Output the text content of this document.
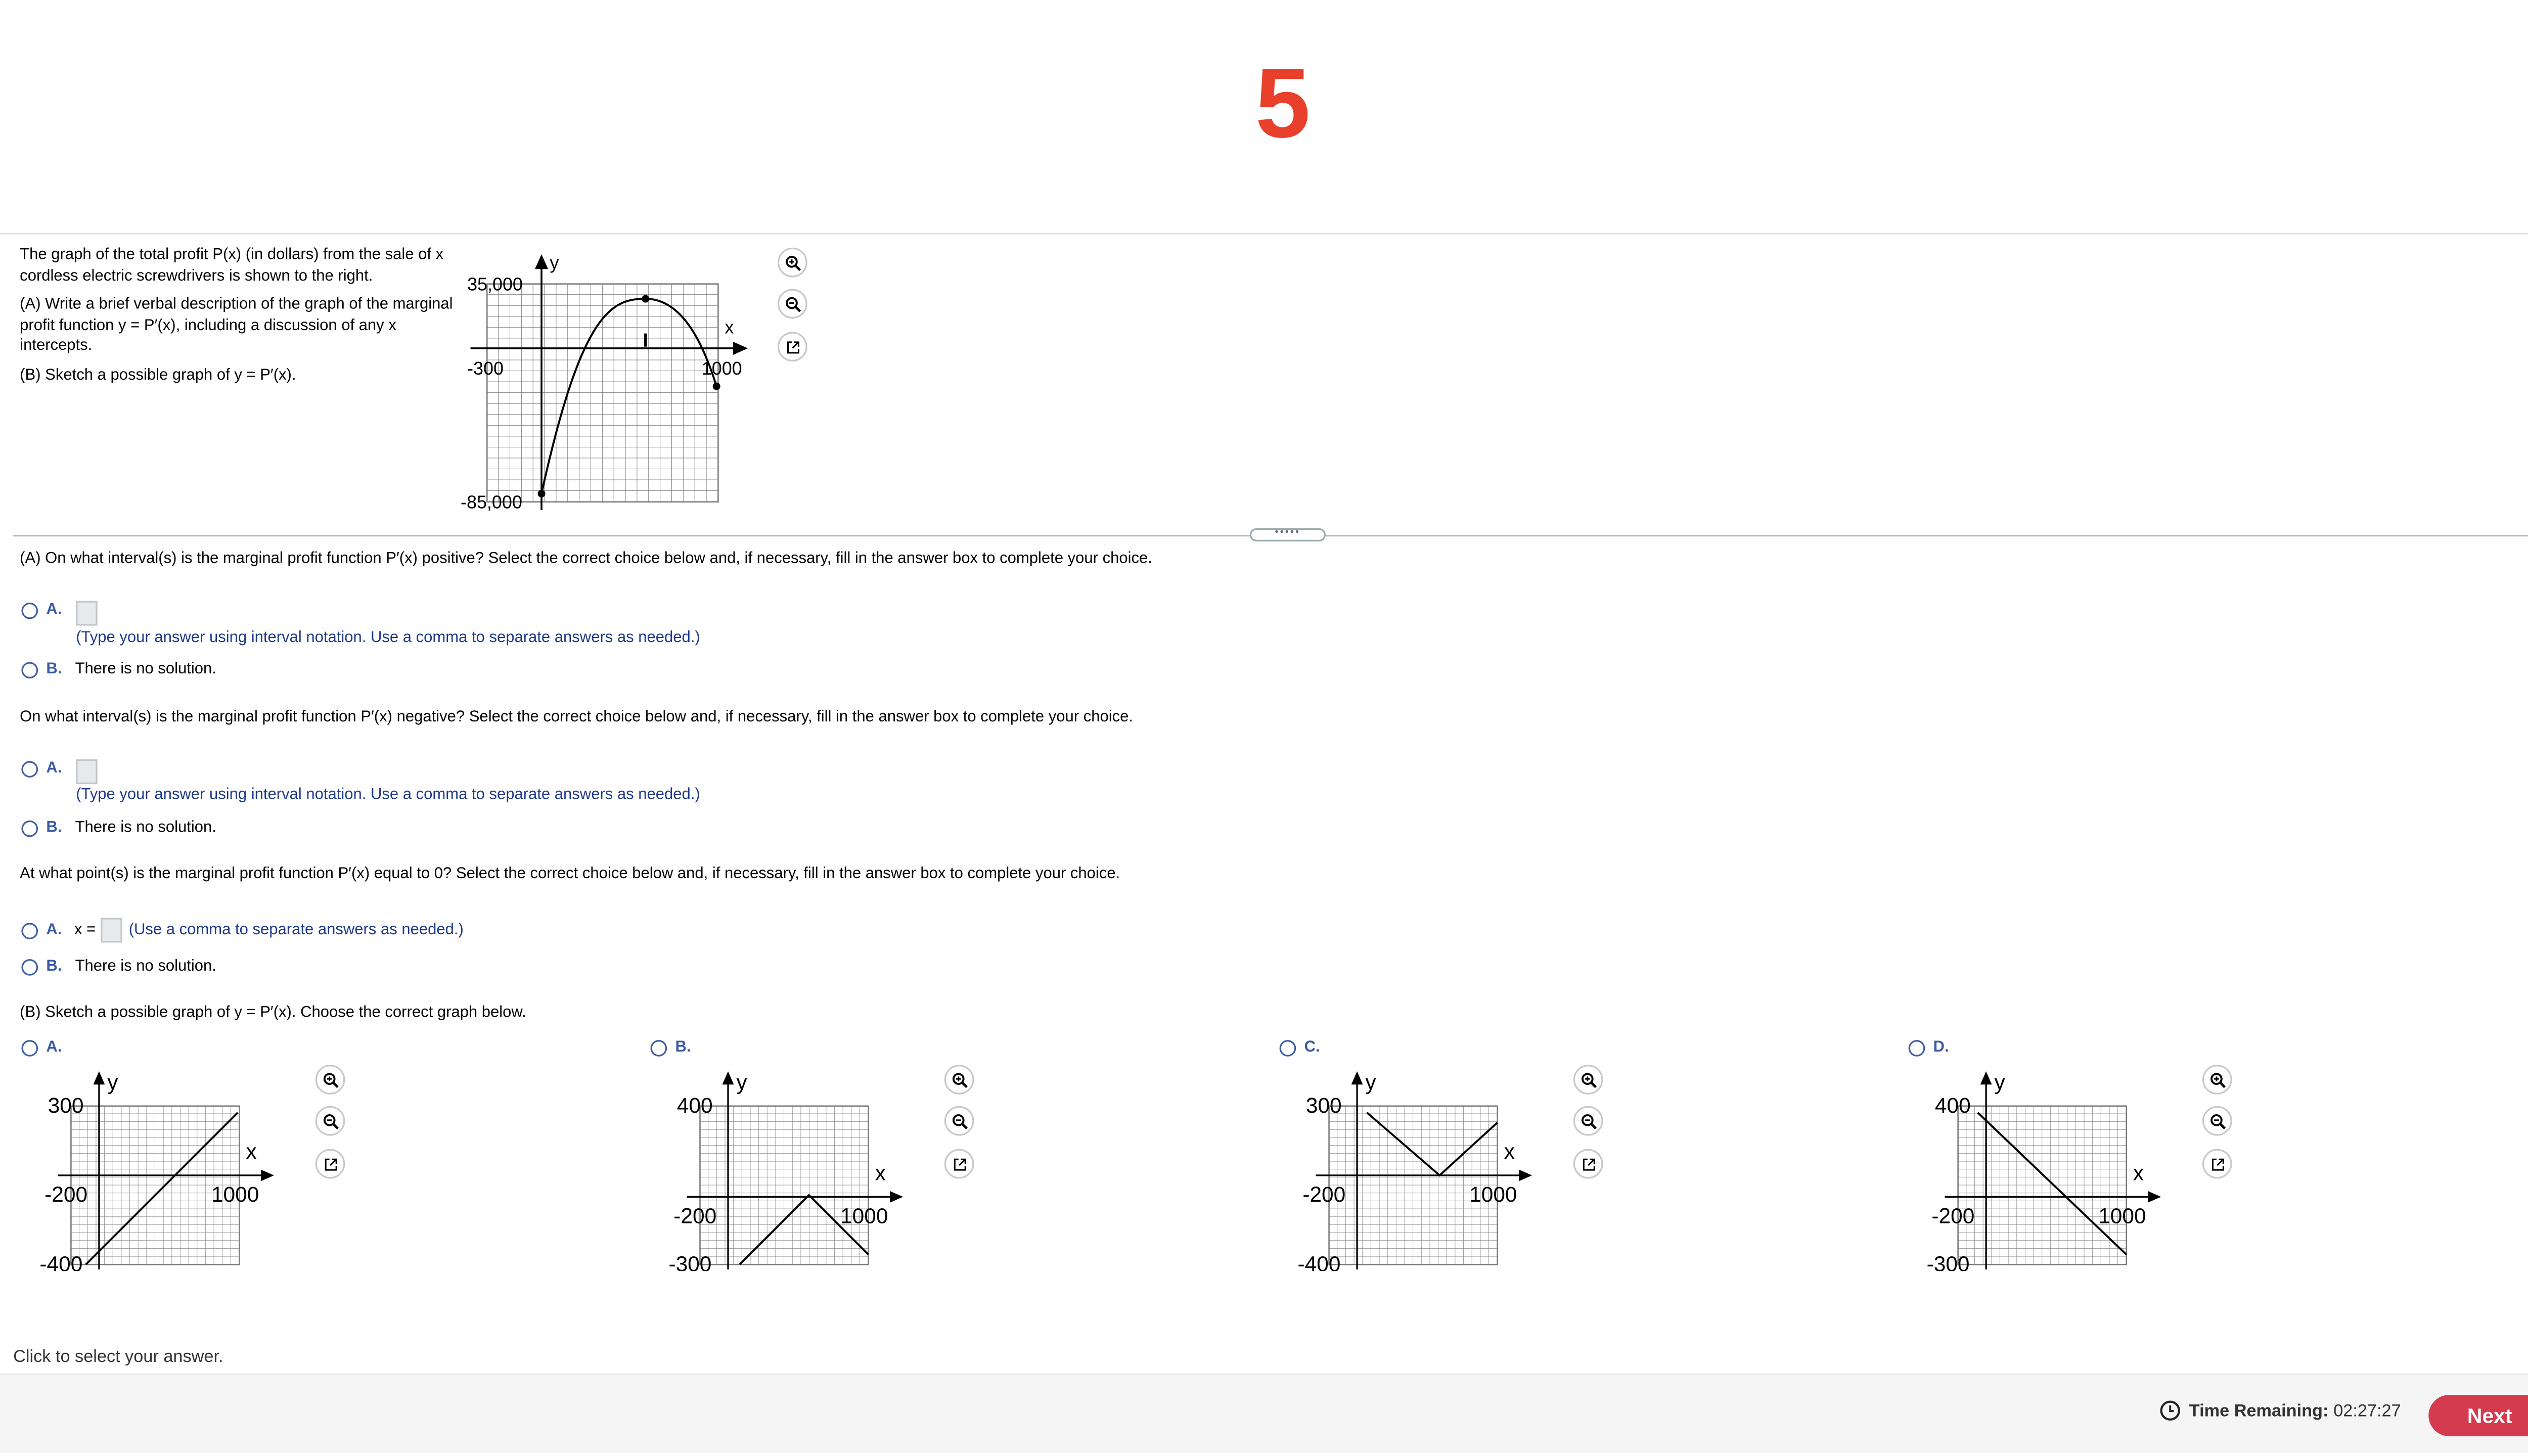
5

The graph of the total profit P(x) (in dollars) from the sale of x cordless electric screwdrivers is shown to the right.

(A) Write a brief verbal description of the graph of the marginal profit function y = P′(x), including a discussion of any x intercepts.

(B) Sketch a possible graph of y = P′(x).

y
x
35,000
-85,000
-300	1000
•••••
(A) On what interval(s) is the marginal profit function P′(x) positive? Select the correct choice below and, if necessary, fill in the answer box to complete your choice.
A.
(Type your answer using interval notation. Use a comma to separate answers as needed.)
B.	There is no solution.
On what interval(s) is the marginal profit function P′(x) negative? Select the correct choice below and, if necessary, fill in the answer box to complete your choice.
A.
(Type your answer using interval notation. Use a comma to separate answers as needed.)
B.	There is no solution.
At what point(s) is the marginal profit function P′(x) equal to 0? Select the correct choice below and, if necessary, fill in the answer box to complete your choice.
A.	x =	(Use a comma to separate answers as needed.)
B.	There is no solution.
(B) Sketch a possible graph of y = P′(x). Choose the correct graph below.
A.
y
x
300
-400
-200	1000
B.
y
x
400
-300
-200	1000
C.
y
x
300
-400
-200	1000
D.
y
x
400
-300
-200	1000
Click to select your answer.
Time Remaining: 02:27:27	Next
